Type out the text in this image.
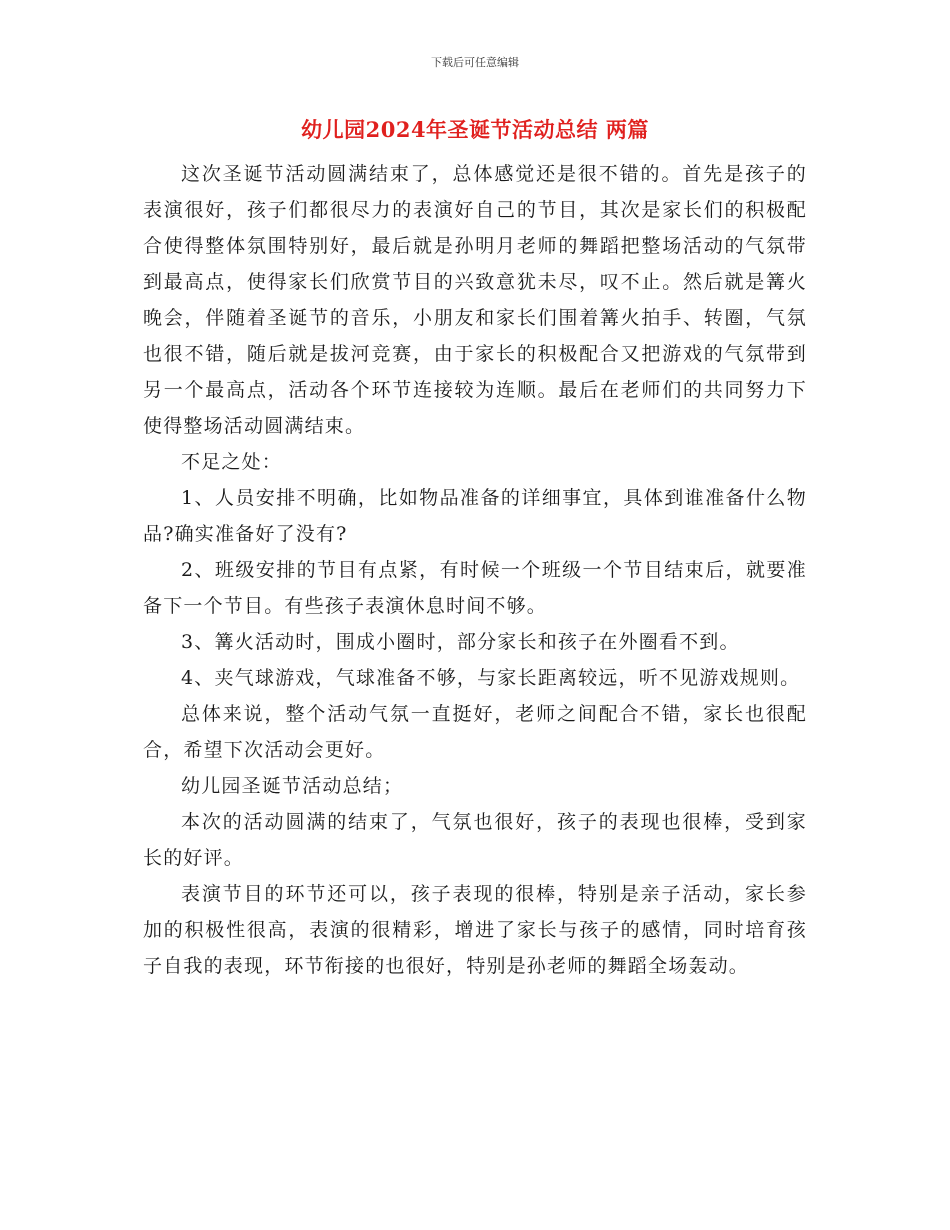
下载后可任意编辑
幼儿园2024年圣诞节活动总结 两篇

这次圣诞节活动圆满结束了，总体感觉还是很不错的。首先是孩子的表演很好，孩子们都很尽力的表演好自己的节目，其次是家长们的积极配合使得整体氛围特别好，最后就是孙明月老师的舞蹈把整场活动的气氛带到最高点，使得家长们欣赏节目的兴致意犹未尽，叹不止。然后就是篝火晚会，伴随着圣诞节的音乐，小朋友和家长们围着篝火拍手、转圈，气氛也很不错，随后就是拔河竞赛，由于家长的积极配合又把游戏的气氛带到另一个最高点，活动各个环节连接较为连顺。最后在老师们的共同努力下使得整场活动圆满结束。

不足之处：

1、人员安排不明确，比如物品准备的详细事宜，具体到谁准备什么物品?确实准备好了没有?

2、班级安排的节目有点紧，有时候一个班级一个节目结束后，就要准备下一个节目。有些孩子表演休息时间不够。

3、篝火活动时，围成小圈时，部分家长和孩子在外圈看不到。

4、夹气球游戏，气球准备不够，与家长距离较远，听不见游戏规则。

总体来说，整个活动气氛一直挺好，老师之间配合不错，家长也很配合，希望下次活动会更好。

幼儿园圣诞节活动总结；

本次的活动圆满的结束了，气氛也很好，孩子的表现也很棒，受到家长的好评。

表演节目的环节还可以，孩子表现的很棒，特别是亲子活动，家长参加的积极性很高，表演的很精彩，增进了家长与孩子的感情，同时培育孩子自我的表现，环节衔接的也很好，特别是孙老师的舞蹈全场轰动。
